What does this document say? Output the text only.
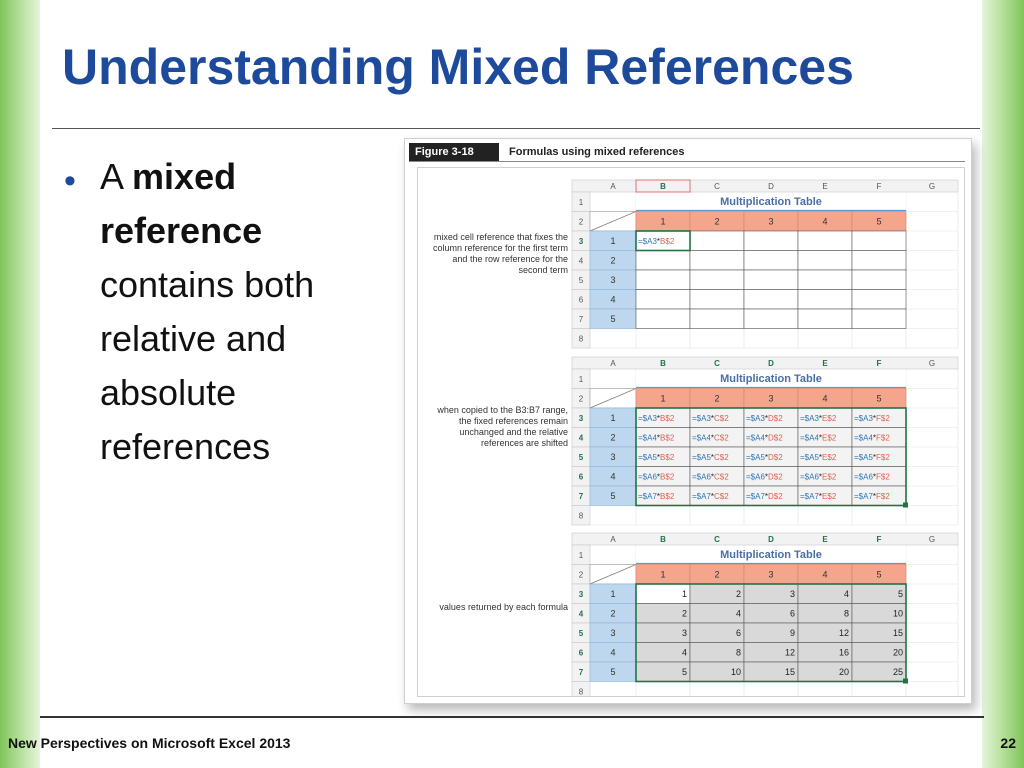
Understanding Mixed References
• A mixed reference contains both relative and absolute references
Figure 3-18	Formulas using mixed references
mixed cell reference that fixes the column reference for the first term and the row reference for the second term
when copied to the B3:B7 range, the fixed references remain unchanged and the relative references are shifted
values returned by each formula
A	B	C	D	E	F	G
1
2
3
4
5
6
7
8
Multiplication Table
1	2	3	4	5
1	=$A3*B$2
2
3
4
5
A	B	C	D	E	F	G
1
2
3
4
5
6
7
8
Multiplication Table
1	2	3	4	5
1	=$A3*B$2 =$A3*C$2 =$A3*D$2 =$A3*E$2 =$A3*F$2
2	=$A4*B$2 =$A4*C$2 =$A4*D$2 =$A4*E$2 =$A4*F$2
3	=$A5*B$2 =$A5*C$2 =$A5*D$2 =$A5*E$2 =$A5*F$2
4	=$A6*B$2 =$A6*C$2 =$A6*D$2 =$A6*E$2 =$A6*F$2
5	=$A7*B$2 =$A7*C$2 =$A7*D$2 =$A7*E$2 =$A7*F$2
A	B	C	D	E	F	G
1
2
3
4
5
6
7
8
Multiplication Table
1	2	3	4	5
1	1	2	3	4	5
2	2	4	6	8	10
3	3	6	9	12	15
4	4	8	12	16	20
5	5	10	15	20	25
New Perspectives on Microsoft Excel 2013	22
